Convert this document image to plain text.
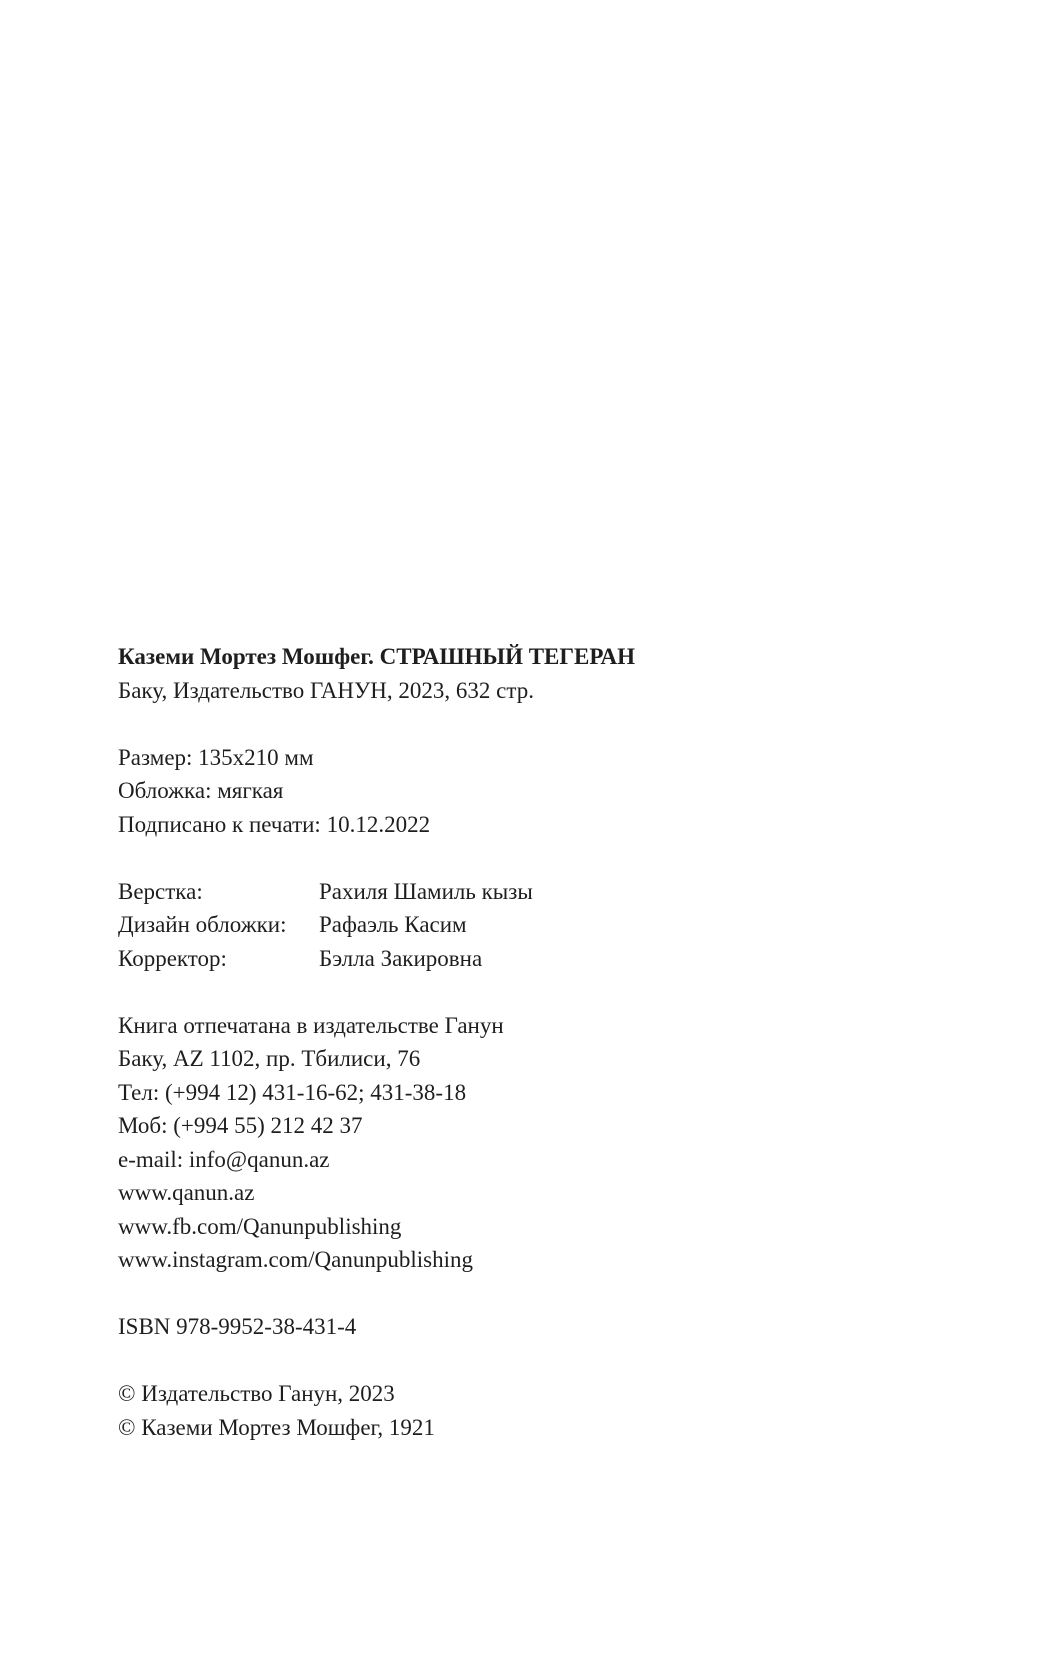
Каземи Мортез Мошфег. СТРАШНЫЙ ТЕГЕРАН
Баку, Издательство ГАНУН, 2023, 632 стр.
Размер: 135х210 мм
Обложка: мягкая
Подписано к печати: 10.12.2022
Верстка:	Рахиля Шамиль кызы
Дизайн обложки:	Рафаэль Касим
Корректор:	Бэлла Закировна
Книга отпечатана в издательстве Ганун
Баку, AZ 1102, пр. Тбилиси, 76
Тел: (+994 12) 431-16-62; 431-38-18
Моб: (+994 55) 212 42 37
e-mail: info@qanun.az
www.qanun.az
www.fb.com/Qanunpublishing
www.instagram.com/Qanunpublishing
ISBN 978-9952-38-431-4
© Издательство Ганун, 2023
© Каземи Мортез Мошфег, 1921
